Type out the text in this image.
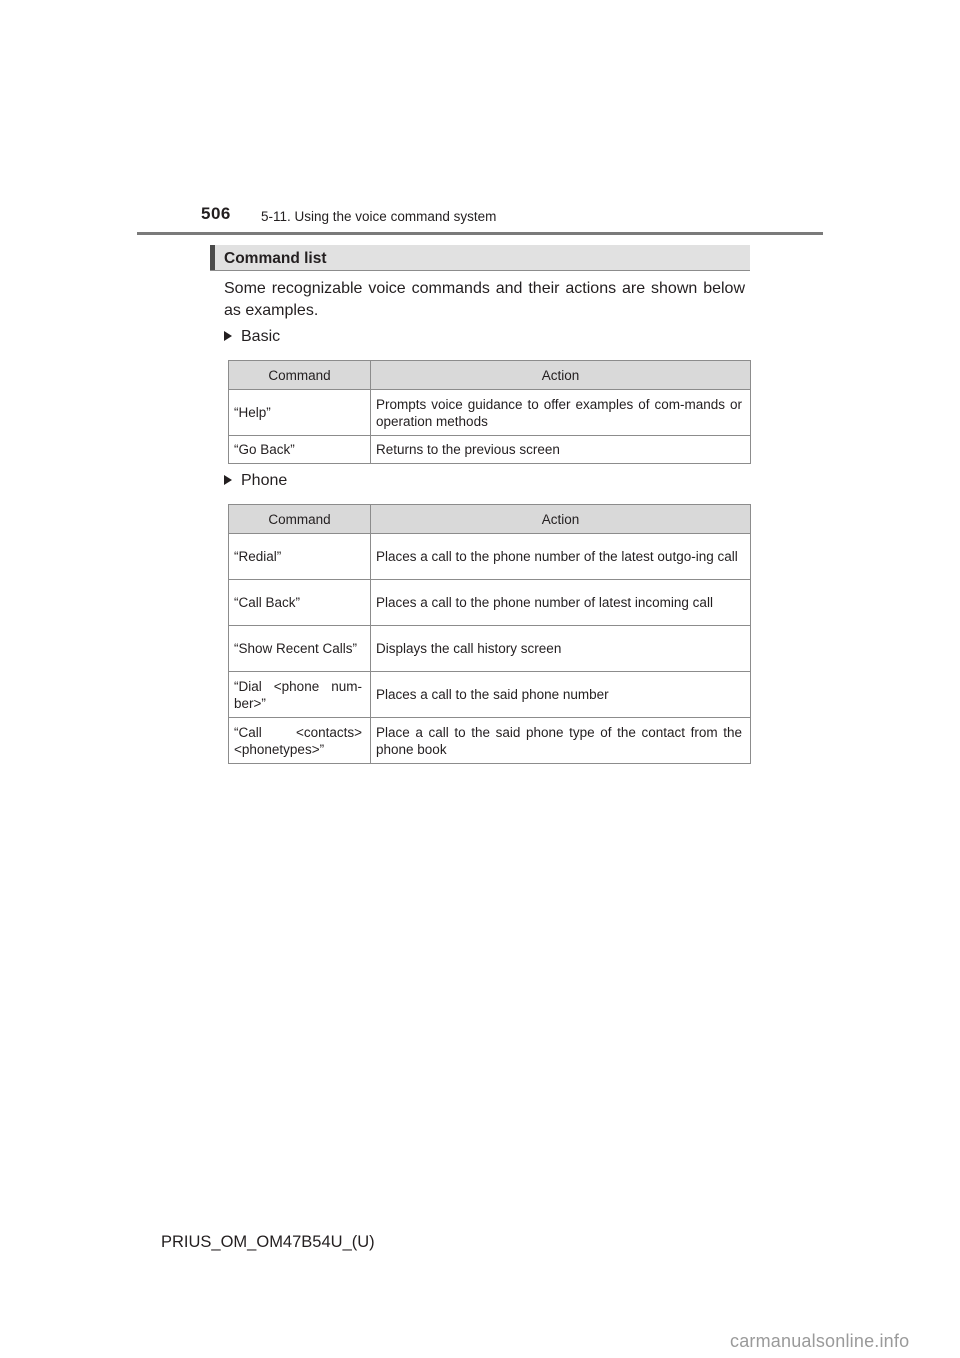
506 5-11. Using the voice command system
Command list
Some recognizable voice commands and their actions are shown below as examples.
Basic
Command	Action
“Help”	Prompts voice guidance to offer examples of com-mands or operation methods
“Go Back”	Returns to the previous screen
Phone
Command	Action
“Redial”	Places a call to the phone number of the latest outgo-ing call
“Call Back”	Places a call to the phone number of latest incoming call
“Show Recent Calls”	Displays the call history screen
“Dial <phone num-ber>”	Places a call to the said phone number
“Call <contacts> <phonetypes>”	Place a call to the said phone type of the contact from the phone book
PRIUS_OM_OM47B54U_(U)
carmanualsonline.info
